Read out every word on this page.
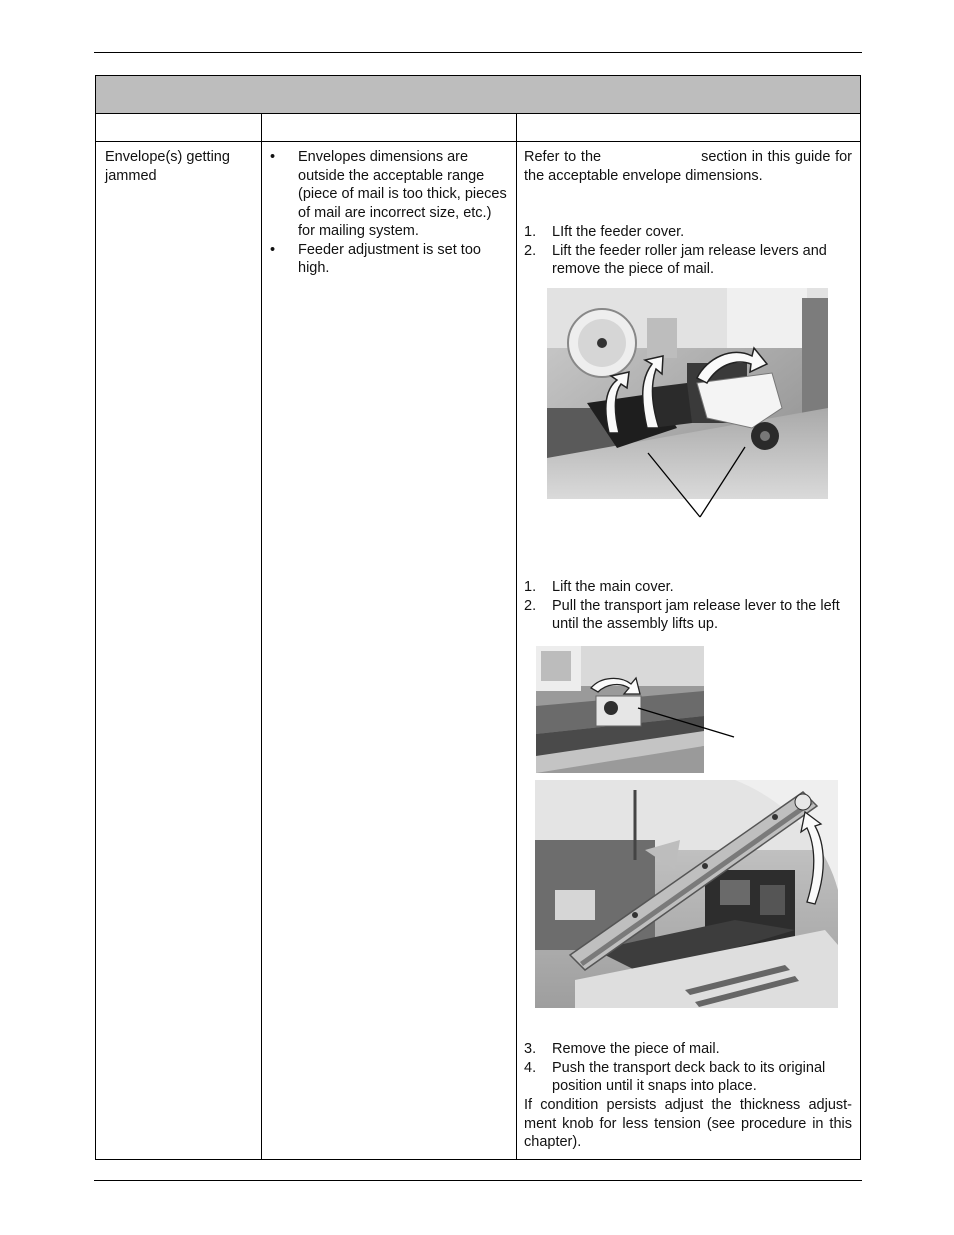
Envelope(s) getting jammed
• Envelopes dimensions are outside the acceptable range (piece of mail is too thick, pieces of mail are incorrect size, etc.) for mailing system.
• Feeder adjustment is set too high.
Refer to the	section in this guide for the acceptable envelope dimensions.
1. LIft the feeder cover.
2. Lift the feeder roller jam release levers and remove the piece of mail.
1. Lift the main cover.
2. Pull the transport jam release lever to the left until the assembly lifts up.
3. Remove the piece of mail.
4. Push the transport deck back to its original position until it snaps into place.
If condition persists adjust the thickness adjust-ment knob for less tension (see procedure in this chapter).
